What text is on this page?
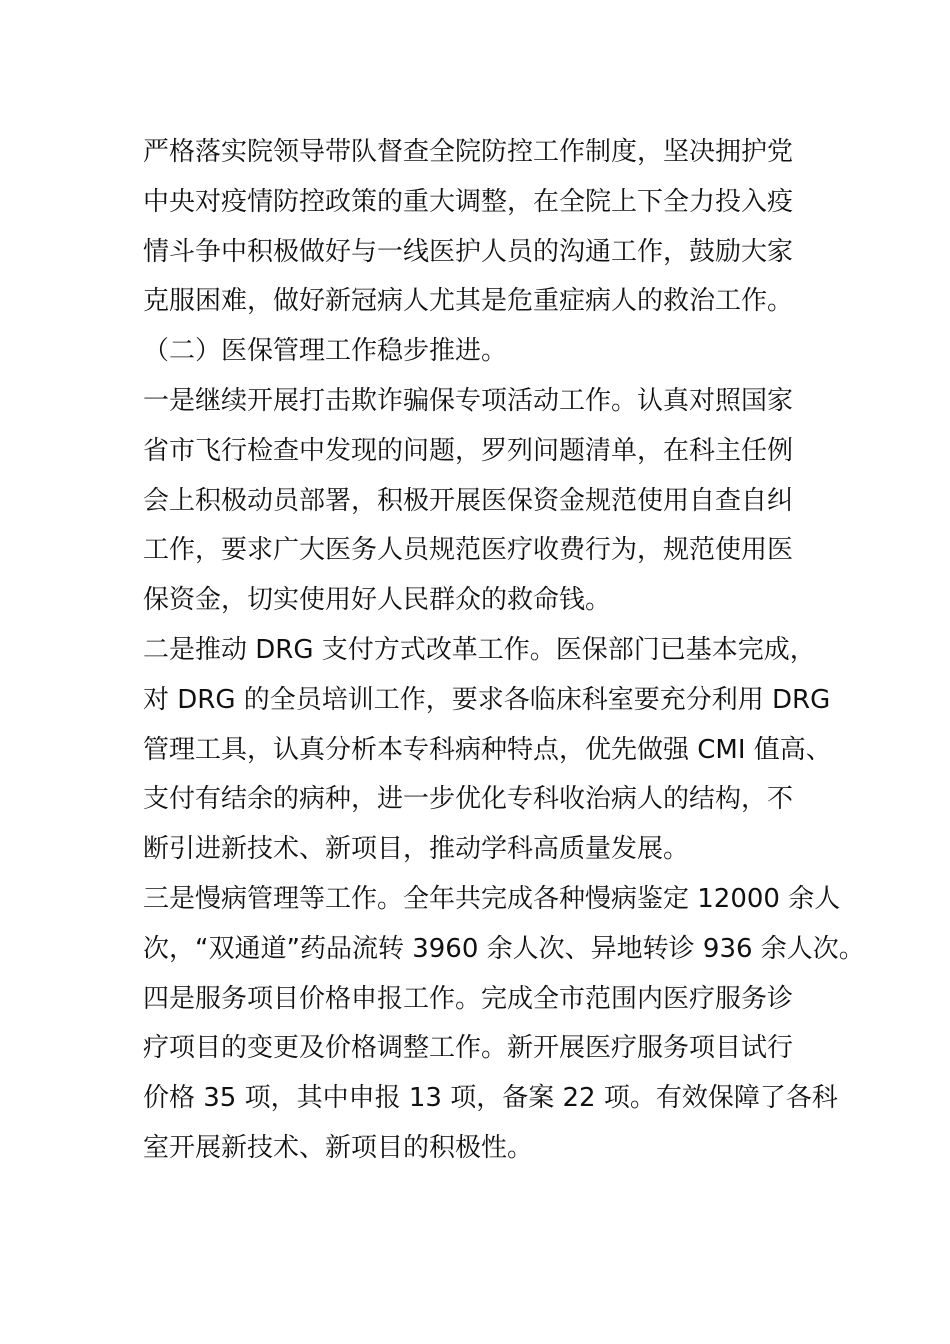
严格落实院领导带队督查全院防控工作制度，坚决拥护党
中央对疫情防控政策的重大调整，在全院上下全力投入疫
情斗争中积极做好与一线医护人员的沟通工作，鼓励大家
克服困难，做好新冠病人尤其是危重症病人的救治工作。
（二）医保管理工作稳步推进。
一是继续开展打击欺诈骗保专项活动工作。认真对照国家
省市飞行检查中发现的问题，罗列问题清单，在科主任例
会上积极动员部署，积极开展医保资金规范使用自查自纠
工作，要求广大医务人员规范医疗收费行为，规范使用医
保资金，切实使用好人民群众的救命钱。
二是推动 DRG 支付方式改革工作。医保部门已基本完成，
对 DRG 的全员培训工作，要求各临床科室要充分利用 DRG
管理工具，认真分析本专科病种特点，优先做强 CMI 值高、
支付有结余的病种，进一步优化专科收治病人的结构，不
断引进新技术、新项目，推动学科高质量发展。
三是慢病管理等工作。全年共完成各种慢病鉴定 12000 余人
次，“双通道”药品流转 3960 余人次、异地转诊 936 余人次。
四是服务项目价格申报工作。完成全市范围内医疗服务诊
疗项目的变更及价格调整工作。新开展医疗服务项目试行
价格 35 项，其中申报 13 项，备案 22 项。有效保障了各科
室开展新技术、新项目的积极性。
